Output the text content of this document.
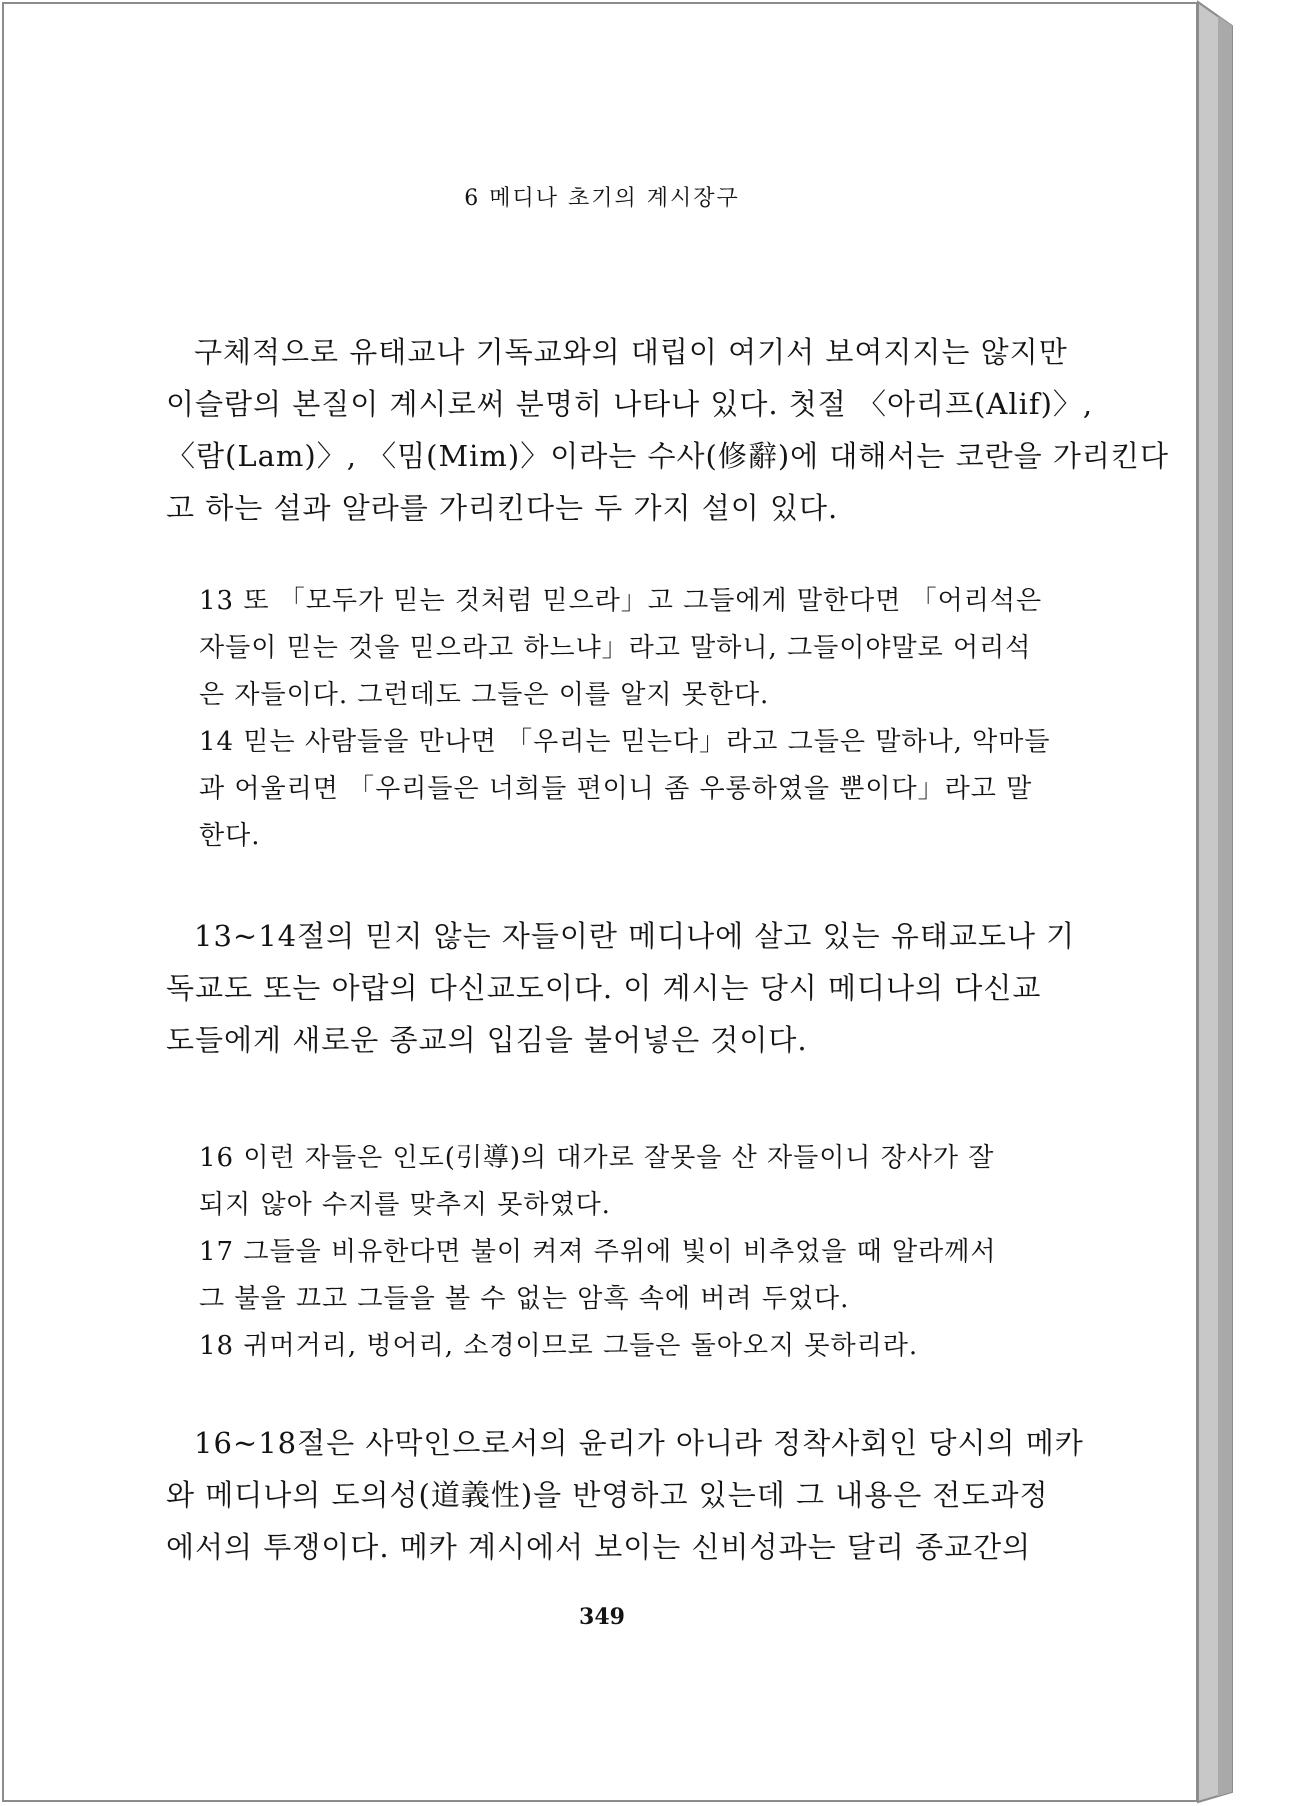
6 메디나 초기의 계시장구

구체적으로 유태교나 기독교와의 대립이 여기서 보여지지는 않지만
이슬람의 본질이 계시로써 분명히 나타나 있다. 첫절 〈아리프(Alif)〉,
〈람(Lam)〉, 〈밈(Mim)〉이라는 수사(修辭)에 대해서는 코란을 가리킨다
고 하는 설과 알라를 가리킨다는 두 가지 설이 있다.
13 또 「모두가 믿는 것처럼 믿으라」고 그들에게 말한다면 「어리석은
자들이 믿는 것을 믿으라고 하느냐」라고 말하니, 그들이야말로 어리석
은 자들이다. 그런데도 그들은 이를 알지 못한다.
14 믿는 사람들을 만나면 「우리는 믿는다」라고 그들은 말하나, 악마들
과 어울리면 「우리들은 너희들 편이니 좀 우롱하였을 뿐이다」라고 말
한다.
13~14절의 믿지 않는 자들이란 메디나에 살고 있는 유태교도나 기
독교도 또는 아랍의 다신교도이다. 이 계시는 당시 메디나의 다신교
도들에게 새로운 종교의 입김을 불어넣은 것이다.
16 이런 자들은 인도(引導)의 대가로 잘못을 산 자들이니 장사가 잘
되지 않아 수지를 맞추지 못하였다.
17 그들을 비유한다면 불이 켜져 주위에 빛이 비추었을 때 알라께서
그 불을 끄고 그들을 볼 수 없는 암흑 속에 버려 두었다.
18 귀머거리, 벙어리, 소경이므로 그들은 돌아오지 못하리라.
16~18절은 사막인으로서의 윤리가 아니라 정착사회인 당시의 메카
와 메디나의 도의성(道義性)을 반영하고 있는데 그 내용은 전도과정
에서의 투쟁이다. 메카 계시에서 보이는 신비성과는 달리 종교간의

349
